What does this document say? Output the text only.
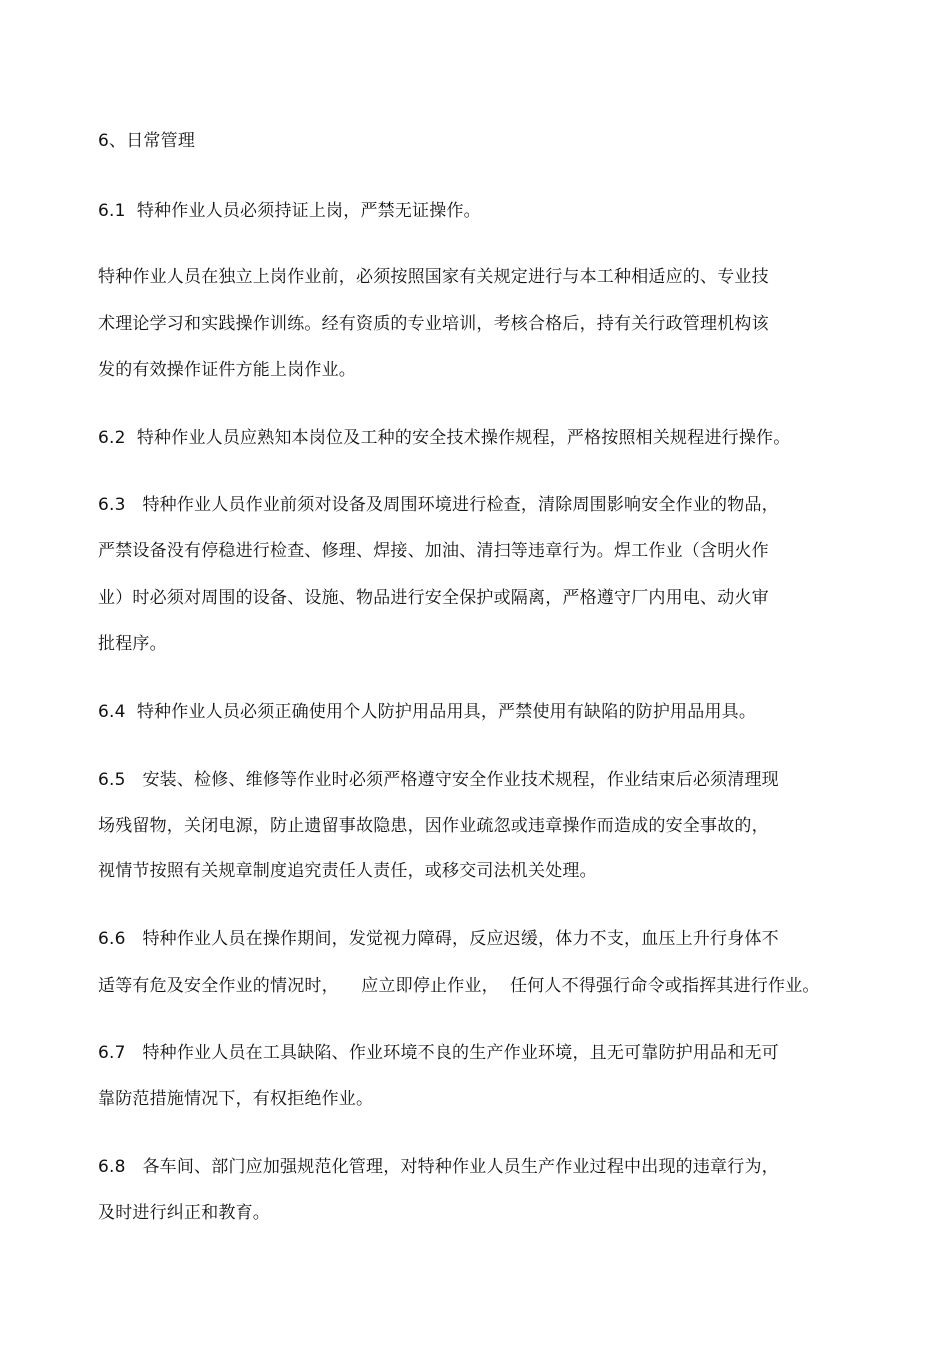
6、日常管理
6.1  特种作业人员必须持证上岗，严禁无证操作。
特种作业人员在独立上岗作业前，必须按照国家有关规定进行与本工种相适应的、专业技
术理论学习和实践操作训练。经有资质的专业培训，考核合格后，持有关行政管理机构该
发的有效操作证件方能上岗作业。
6.2  特种作业人员应熟知本岗位及工种的安全技术操作规程，严格按照相关规程进行操作。
6.3   特种作业人员作业前须对设备及周围环境进行检查，清除周围影响安全作业的物品，
严禁设备没有停稳进行检查、修理、焊接、加油、清扫等违章行为。焊工作业（含明火作
业）时必须对周围的设备、设施、物品进行安全保护或隔离，严格遵守厂内用电、动火审
批程序。
6.4  特种作业人员必须正确使用个人防护用品用具，严禁使用有缺陷的防护用品用具。
6.5   安装、检修、维修等作业时必须严格遵守安全作业技术规程，作业结束后必须清理现
场残留物，关闭电源，防止遗留事故隐患，因作业疏忽或违章操作而造成的安全事故的，
视情节按照有关规章制度追究责任人责任，或移交司法机关处理。
6.6   特种作业人员在操作期间，发觉视力障碍，反应迟缓，体力不支，血压上升行身体不
适等有危及安全作业的情况时，    应立即停止作业，  任何人不得强行命令或指挥其进行作业。
6.7   特种作业人员在工具缺陷、作业环境不良的生产作业环境，且无可靠防护用品和无可
靠防范措施情况下，有权拒绝作业。
6.8   各车间、部门应加强规范化管理，对特种作业人员生产作业过程中出现的违章行为，
及时进行纠正和教育。
